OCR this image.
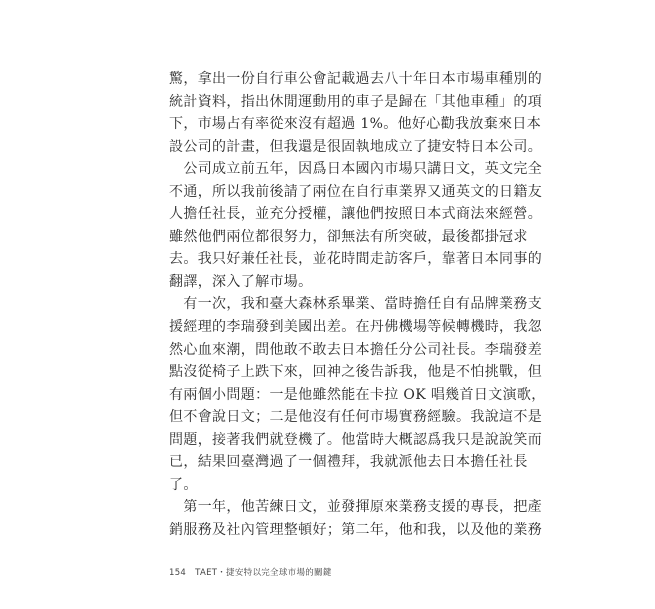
驚，拿出一份自行車公會記載過去八十年日本市場車種別的
統計資料，指出休閒運動用的車子是歸在「其他車種」的項
下，市場占有率從來沒有超過 1%。他好心勸我放棄來日本
設公司的計畫，但我還是很固執地成立了捷安特日本公司。
　公司成立前五年，因爲日本國內市場只講日文，英文完全
不通，所以我前後請了兩位在自行車業界又通英文的日籍友
人擔任社長，並充分授權，讓他們按照日本式商法來經營。
雖然他們兩位都很努力，卻無法有所突破，最後都掛冠求
去。我只好兼任社長，並花時間走訪客戶，靠著日本同事的
翻譯，深入了解市場。
　有一次，我和臺大森林系畢業、當時擔任自有品牌業務支
援經理的李瑞發到美國出差。在丹佛機場等候轉機時，我忽
然心血來潮，問他敢不敢去日本擔任分公司社長。李瑞發差
點沒從椅子上跌下來，回神之後告訴我，他是不怕挑戰，但
有兩個小問題：一是他雖然能在卡拉 OK 唱幾首日文演歌，
但不會說日文；二是他沒有任何市場實務經驗。我說這不是
問題，接著我們就登機了。他當時大概認爲我只是說說笑而
已，結果回臺灣過了一個禮拜，我就派他去日本擔任社長
了。
　第一年，他苦練日文，並發揮原來業務支援的專長，把產
銷服務及社內管理整頓好；第二年，他和我，以及他的業務
154 TAET・捷安特以完全球市場的關鍵
